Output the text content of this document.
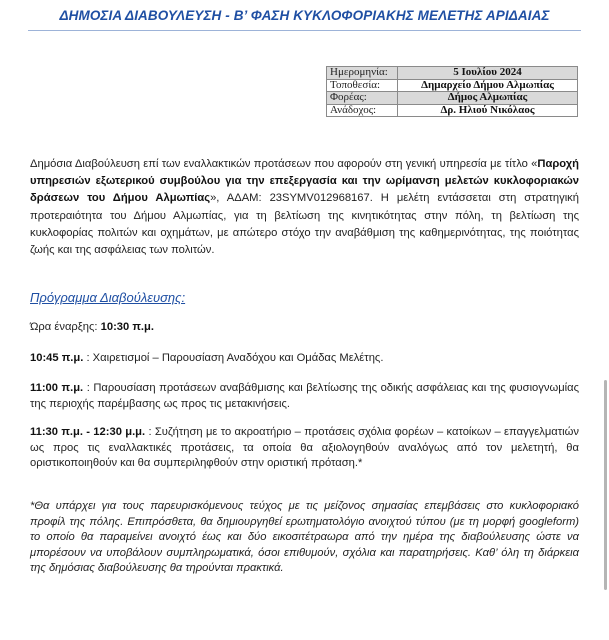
ΔΗΜΟΣΙΑ ΔΙΑΒΟΥΛΕΥΣΗ - Β’ ΦΑΣΗ ΚΥΚΛΟΦΟΡΙΑΚΗΣ ΜΕΛΕΤΗΣ ΑΡΙΔΑΙΑΣ
Ημερομηνία:	5 Ιουλίου 2024
Τοποθεσία:	Δημαρχείο Δήμου Αλμωπίας
Φορέας:	Δήμος Αλμωπίας
Ανάδοχος:	Δρ. Ηλιού Νικόλαος
Δημόσια Διαβούλευση επί των εναλλακτικών προτάσεων που αφορούν στη γενική υπηρεσία με τίτλο «Παροχή υπηρεσιών εξωτερικού συμβούλου για την επεξεργασία και την ωρίμανση μελετών κυκλοφοριακών δράσεων του Δήμου Αλμωπίας», ΑΔΑΜ: 23SYMV012968167. Η μελέτη εντάσσεται στη στρατηγική προτεραιότητα του Δήμου Αλμωπίας, για τη βελτίωση της κινητικότητας στην πόλη, τη βελτίωση της κυκλοφορίας πολιτών και οχημάτων, με απώτερο στόχο την αναβάθμιση της καθημερινότητας, της ποιότητας ζωής και της ασφάλειας των πολιτών.
Πρόγραμμα Διαβούλευσης:
Ώρα έναρξης: 10:30 π.μ.
10:45 π.μ. : Χαιρετισμοί – Παρουσίαση Αναδόχου και Ομάδας Μελέτης.
11:00 π.μ. : Παρουσίαση προτάσεων αναβάθμισης και βελτίωσης της οδικής ασφάλειας και της φυσιογνωμίας της περιοχής παρέμβασης ως προς τις μετακινήσεις.
11:30 π.μ. - 12:30 μ.μ. : Συζήτηση με το ακροατήριο – προτάσεις σχόλια φορέων – κατοίκων – επαγγελματιών ως προς τις εναλλακτικές προτάσεις, τα οποία θα αξιολογηθούν αναλόγως από τον μελετητή, θα οριστικοποιηθούν και θα συμπεριληφθούν στην οριστική πρόταση.*
*Θα υπάρχει για τους παρευρισκόμενους τεύχος με τις μείζονος σημασίας επεμβάσεις στο κυκλοφοριακό προφίλ της πόλης. Επιπρόσθετα, θα δημιουργηθεί ερωτηματολόγιο ανοιχτού τύπου (με τη μορφή googleform) το οποίο θα παραμείνει ανοιχτό έως και δύο εικοσιτέτραωρα από την ημέρα της διαβούλευσης ώστε να μπορέσουν να υποβάλουν συμπληρωματικά, όσοι επιθυμούν, σχόλια και παρατηρήσεις. Καθ’ όλη τη διάρκεια της δημόσιας διαβούλευσης θα τηρούνται πρακτικά.
